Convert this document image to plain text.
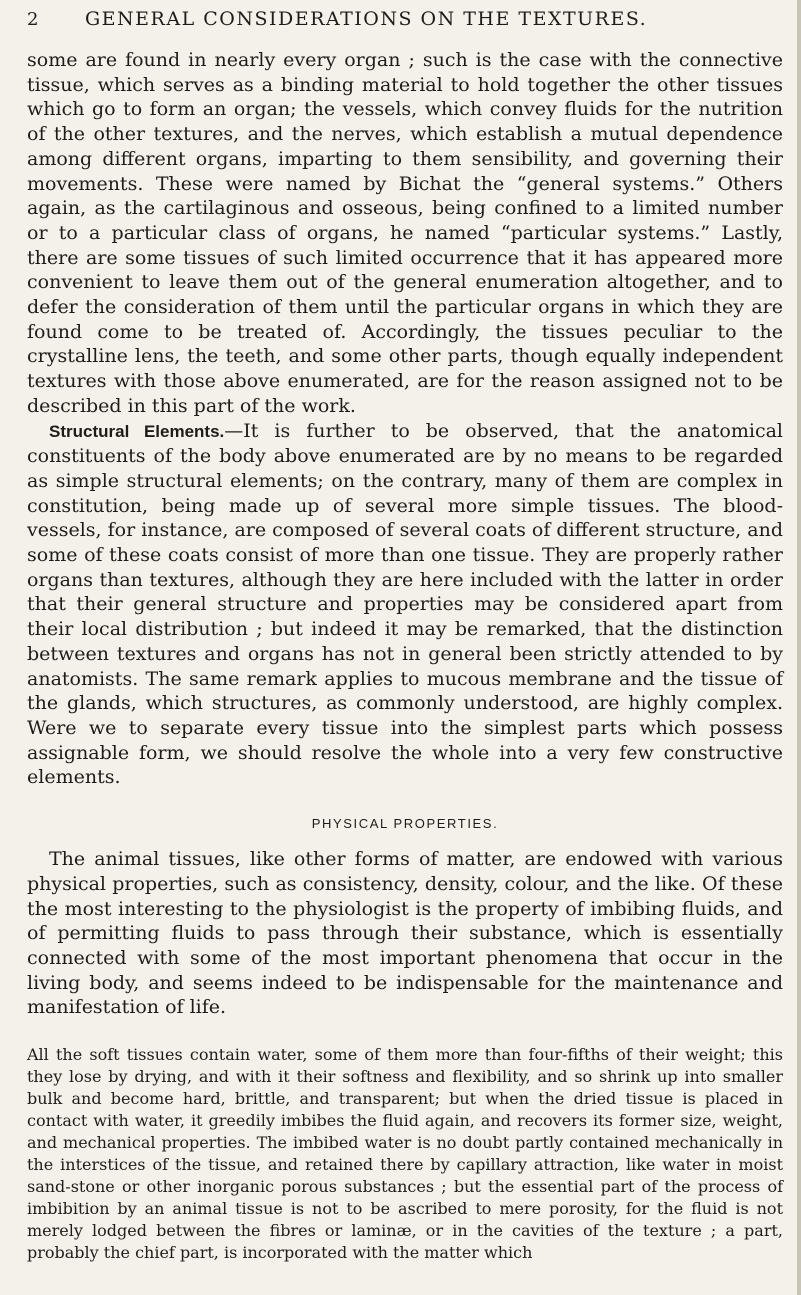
2	GENERAL CONSIDERATIONS ON THE TEXTURES.

some are found in nearly every organ ; such is the case with the connective tissue, which serves as a binding material to hold together the other tissues which go to form an organ; the vessels, which convey fluids for the nutrition of the other textures, and the nerves, which establish a mutual dependence among different organs, imparting to them sensibility, and governing their movements. These were named by Bichat the “general systems.” Others again, as the cartilaginous and osseous, being confined to a limited number or to a particular class of organs, he named “particular systems.” Lastly, there are some tissues of such limited occurrence that it has appeared more convenient to leave them out of the general enumeration altogether, and to defer the consideration of them until the particular organs in which they are found come to be treated of. Accordingly, the tissues peculiar to the crystalline lens, the teeth, and some other parts, though equally independent textures with those above enumerated, are for the reason assigned not to be described in this part of the work.

Structural Elements.—It is further to be observed, that the anatomical constituents of the body above enumerated are by no means to be regarded as simple structural elements; on the contrary, many of them are complex in constitution, being made up of several more simple tissues. The blood-vessels, for instance, are composed of several coats of different structure, and some of these coats consist of more than one tissue. They are properly rather organs than textures, although they are here included with the latter in order that their general structure and properties may be considered apart from their local distribution ; but indeed it may be remarked, that the distinction between textures and organs has not in general been strictly attended to by anatomists. The same remark applies to mucous membrane and the tissue of the glands, which structures, as commonly understood, are highly complex. Were we to separate every tissue into the simplest parts which possess assignable form, we should resolve the whole into a very few constructive elements.

PHYSICAL PROPERTIES.

The animal tissues, like other forms of matter, are endowed with various physical properties, such as consistency, density, colour, and the like. Of these the most interesting to the physiologist is the property of imbibing fluids, and of permitting fluids to pass through their substance, which is essentially connected with some of the most important phenomena that occur in the living body, and seems indeed to be indispensable for the maintenance and manifestation of life.

All the soft tissues contain water, some of them more than four-fifths of their weight; this they lose by drying, and with it their softness and flexibility, and so shrink up into smaller bulk and become hard, brittle, and transparent; but when the dried tissue is placed in contact with water, it greedily imbibes the fluid again, and recovers its former size, weight, and mechanical properties. The imbibed water is no doubt partly contained mechanically in the interstices of the tissue, and retained there by capillary attraction, like water in moist sand-stone or other inorganic porous substances ; but the essential part of the process of imbibition by an animal tissue is not to be ascribed to mere porosity, for the fluid is not merely lodged between the fibres or laminæ, or in the cavities of the texture ; a part, probably the chief part, is incorporated with the matter which
